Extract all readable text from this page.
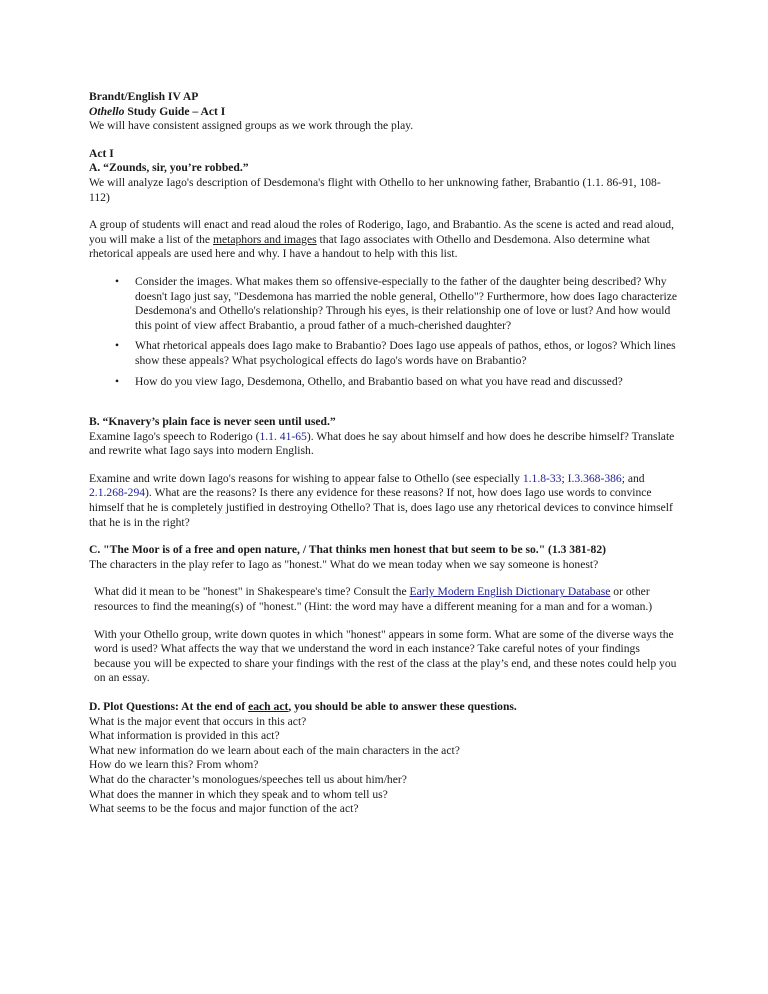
Brandt/English IV AP

Othello Study Guide – Act I

We will have consistent assigned groups as we work through the play.

Act I

A. “Zounds, sir, you’re robbed.”

We will analyze Iago's description of Desdemona's flight with Othello to her unknowing father, Brabantio (1.1. 86-91, 108-112)

A group of students will enact and read aloud the roles of Roderigo, Iago, and Brabantio. As the scene is acted and read aloud, you will make a list of the metaphors and images that Iago associates with Othello and Desdemona. Also determine what rhetorical appeals are used here and why. I have a handout to help with this list.

• Consider the images. What makes them so offensive-especially to the father of the daughter being described? Why doesn't Iago just say, "Desdemona has married the noble general, Othello"? Furthermore, how does Iago characterize Desdemona's and Othello's relationship? Through his eyes, is their relationship one of love or lust? And how would this point of view affect Brabantio, a proud father of a much-cherished daughter?
• What rhetorical appeals does Iago make to Brabantio? Does Iago use appeals of pathos, ethos, or logos? Which lines show these appeals? What psychological effects do Iago's words have on Brabantio?
• How do you view Iago, Desdemona, Othello, and Brabantio based on what you have read and discussed?

B. “Knavery’s plain face is never seen until used.”

Examine Iago's speech to Roderigo (1.1. 41-65). What does he say about himself and how does he describe himself? Translate and rewrite what Iago says into modern English.

Examine and write down Iago's reasons for wishing to appear false to Othello (see especially 1.1.8-33; I.3.368-386; and 2.1.268-294). What are the reasons? Is there any evidence for these reasons? If not, how does Iago use words to convince himself that he is completely justified in destroying Othello? That is, does Iago use any rhetorical devices to convince himself that he is in the right?

C. "The Moor is of a free and open nature, / That thinks men honest that but seem to be so." (1.3 381-82)

The characters in the play refer to Iago as "honest." What do we mean today when we say someone is honest?

What did it mean to be "honest" in Shakespeare's time? Consult the Early Modern English Dictionary Database or other resources to find the meaning(s) of "honest." (Hint: the word may have a different meaning for a man and for a woman.)

With your Othello group, write down quotes in which "honest" appears in some form. What are some of the diverse ways the word is used? What affects the way that we understand the word in each instance? Take careful notes of your findings because you will be expected to share your findings with the rest of the class at the play’s end, and these notes could help you on an essay.

D. Plot Questions: At the end of each act, you should be able to answer these questions.

What is the major event that occurs in this act?

What information is provided in this act?

What new information do we learn about each of the main characters in the act?

How do we learn this? From whom?

What do the character’s monologues/speeches tell us about him/her?

What does the manner in which they speak and to whom tell us?

What seems to be the focus and major function of the act?
